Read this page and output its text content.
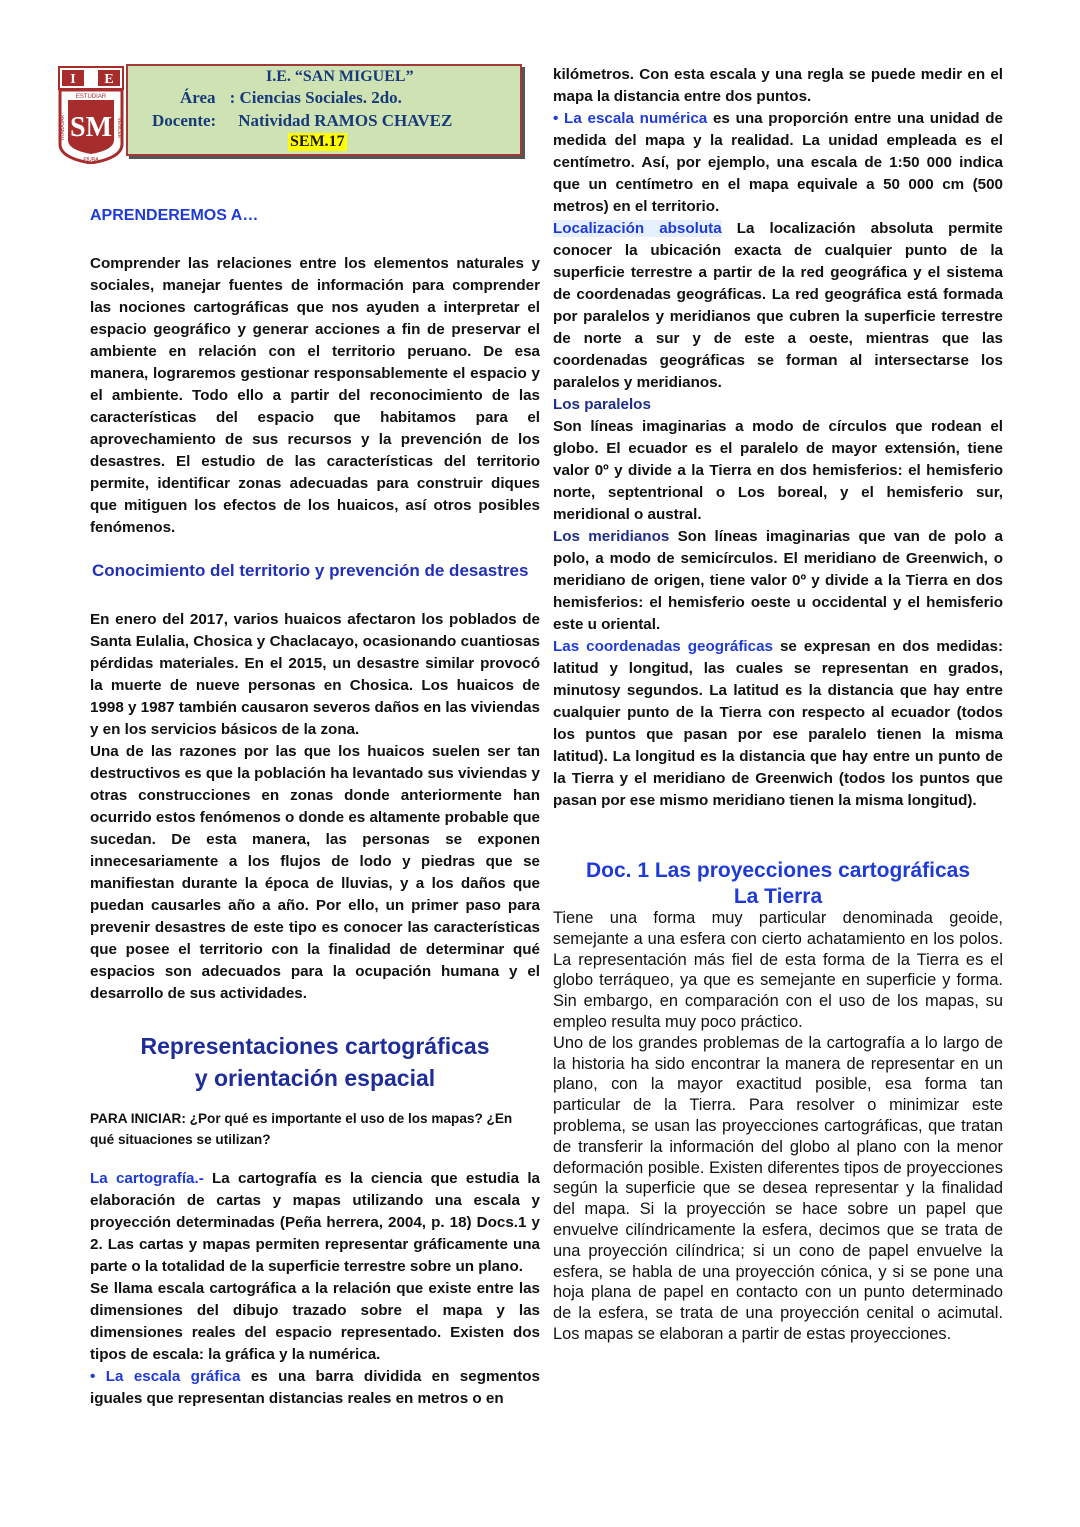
I E
ESTUDIAR
PIURA
TRABAJAR	VENCER
SM
I.E. “SAN MIGUEL”
Área : Ciencias Sociales. 2do.
Docente: Natividad RAMOS CHAVEZ
SEM.17
APRENDEREMOS A…

Comprender las relaciones entre los elementos naturales y sociales, manejar fuentes de información para comprender las nociones cartográficas que nos ayuden a interpretar el espacio geográfico y generar acciones a fin de preservar el ambiente en relación con el territorio peruano. De esa manera, lograremos gestionar responsablemente el espacio y el ambiente. Todo ello a partir del reconocimiento de las características del espacio que habitamos para el aprovechamiento de sus recursos y la prevención de los desastres. El estudio de las características del territorio permite, identificar zonas adecuadas para construir diques que mitiguen los efectos de los huaicos, así otros posibles fenómenos.

Conocimiento del territorio y prevención de desastres

En enero del 2017, varios huaicos afectaron los poblados de Santa Eulalia, Chosica y Chaclacayo, ocasionando cuantiosas pérdidas materiales. En el 2015, un desastre similar provocó la muerte de nueve personas en Chosica. Los huaicos de 1998 y 1987 también causaron severos daños en las viviendas y en los servicios básicos de la zona.

Una de las razones por las que los huaicos suelen ser tan destructivos es que la población ha levantado sus viviendas y otras construcciones en zonas donde anteriormente han ocurrido estos fenómenos o donde es altamente probable que sucedan. De esta manera, las personas se exponen innecesariamente a los flujos de lodo y piedras que se manifiestan durante la época de lluvias, y a los daños que puedan causarles año a año. Por ello, un primer paso para prevenir desastres de este tipo es conocer las características que posee el territorio con la finalidad de determinar qué espacios son adecuados para la ocupación humana y el desarrollo de sus actividades.

Representaciones cartográficas
y orientación espacial
PARA INICIAR: ¿Por qué es importante el uso de los mapas? ¿En qué situaciones se utilizan?

La cartografía.- La cartografía es la ciencia que estudia la elaboración de cartas y mapas utilizando una escala y proyección determinadas (Peña herrera, 2004, p. 18) Docs.1 y 2. Las cartas y mapas permiten representar gráficamente una parte o la totalidad de la superficie terrestre sobre un plano.

Se llama escala cartográfica a la relación que existe entre las dimensiones del dibujo trazado sobre el mapa y las dimensiones reales del espacio representado. Existen dos tipos de escala: la gráfica y la numérica.

• La escala gráfica es una barra dividida en segmentos iguales que representan distancias reales en metros o en

kilómetros. Con esta escala y una regla se puede medir en el mapa la distancia entre dos puntos.

• La escala numérica es una proporción entre una unidad de medida del mapa y la realidad. La unidad empleada es el centímetro. Así, por ejemplo, una escala de 1:50 000 indica que un centímetro en el mapa equivale a 50 000 cm (500 metros) en el territorio.

Localización absoluta La localización absoluta permite conocer la ubicación exacta de cualquier punto de la superficie terrestre a partir de la red geográfica y el sistema de coordenadas geográficas. La red geográfica está formada por paralelos y meridianos que cubren la superficie terrestre de norte a sur y de este a oeste, mientras que las coordenadas geográficas se forman al intersectarse los paralelos y meridianos.

Los paralelos

Son líneas imaginarias a modo de círculos que rodean el globo. El ecuador es el paralelo de mayor extensión, tiene valor 0º y divide a la Tierra en dos hemisferios: el hemisferio norte, septentrional o Los boreal, y el hemisferio sur, meridional o austral.

Los meridianos Son líneas imaginarias que van de polo a polo, a modo de semicírculos. El meridiano de Greenwich, o meridiano de origen, tiene valor 0º y divide a la Tierra en dos hemisferios: el hemisferio oeste u occidental y el hemisferio este u oriental.

Las coordenadas geográficas se expresan en dos medidas: latitud y longitud, las cuales se representan en grados, minutosy segundos. La latitud es la distancia que hay entre cualquier punto de la Tierra con respecto al ecuador (todos los puntos que pasan por ese paralelo tienen la misma latitud). La longitud es la distancia que hay entre un punto de la Tierra y el meridiano de Greenwich (todos los puntos que pasan por ese mismo meridiano tienen la misma longitud).

Doc. 1 Las proyecciones cartográficas
La Tierra

Tiene una forma muy particular denominada geoide, semejante a una esfera con cierto achatamiento en los polos. La representación más fiel de esta forma de la Tierra es el globo terráqueo, ya que es semejante en superficie y forma. Sin embargo, en comparación con el uso de los mapas, su empleo resulta muy poco práctico.

Uno de los grandes problemas de la cartografía a lo largo de la historia ha sido encontrar la manera de representar en un plano, con la mayor exactitud posible, esa forma tan particular de la Tierra. Para resolver o minimizar este problema, se usan las proyecciones cartográficas, que tratan de transferir la información del globo al plano con la menor deformación posible. Existen diferentes tipos de proyecciones según la superficie que se desea representar y la finalidad del mapa. Si la proyección se hace sobre un papel que envuelve cilíndricamente la esfera, decimos que se trata de una proyección cilíndrica; si un cono de papel envuelve la esfera, se habla de una proyección cónica, y si se pone una hoja plana de papel en contacto con un punto determinado de la esfera, se trata de una proyección cenital o acimutal. Los mapas se elaboran a partir de estas proyecciones.
